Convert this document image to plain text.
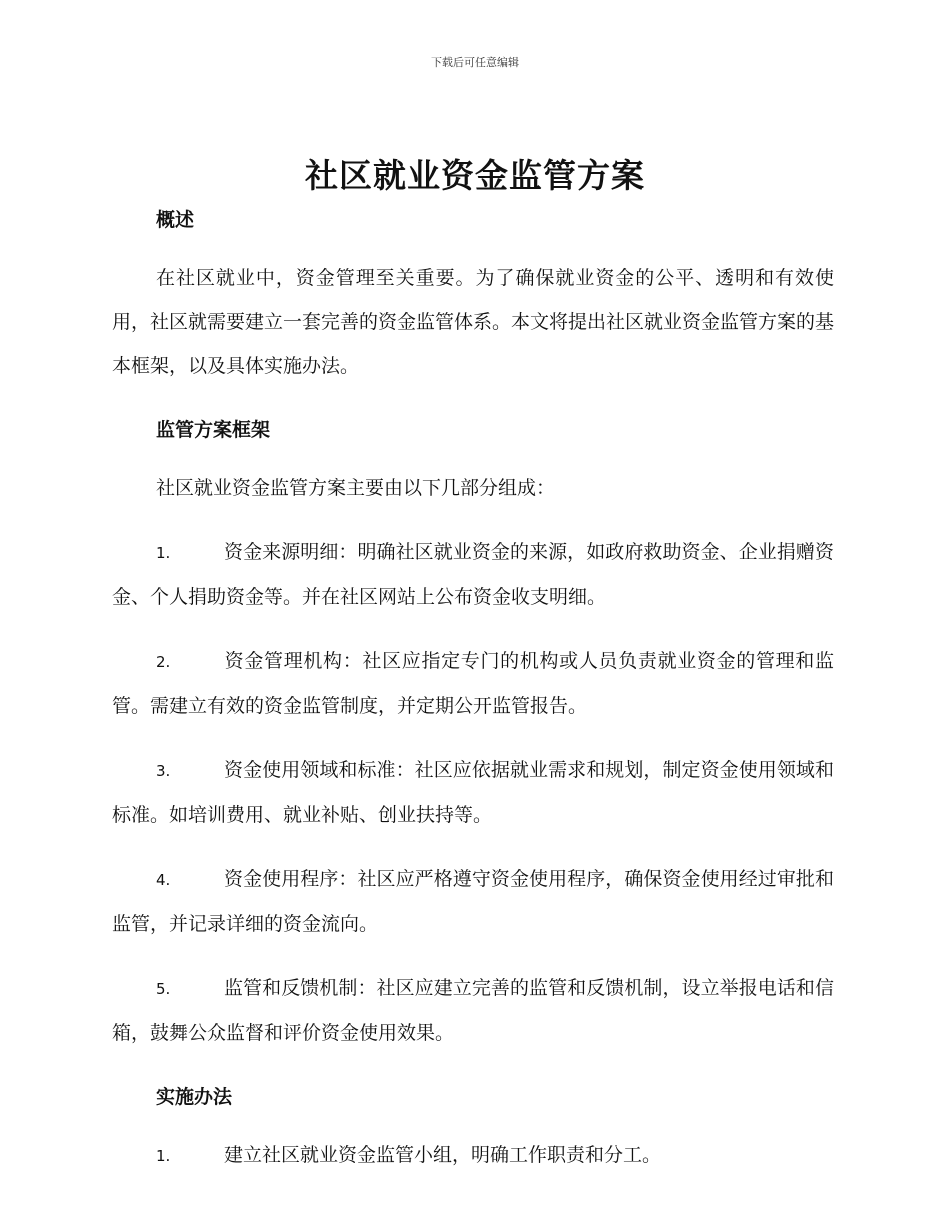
下载后可任意编辑
社区就业资金监管方案
概述

在社区就业中，资金管理至关重要。为了确保就业资金的公平、透明和有效使用，社区就需要建立一套完善的资金监管体系。本文将提出社区就业资金监管方案的基本框架，以及具体实施办法。

监管方案框架

社区就业资金监管方案主要由以下几部分组成：

1.	资金来源明细：明确社区就业资金的来源，如政府救助资金、企业捐赠资金、个人捐助资金等。并在社区网站上公布资金收支明细。

2.	资金管理机构：社区应指定专门的机构或人员负责就业资金的管理和监管。需建立有效的资金监管制度，并定期公开监管报告。

3.	资金使用领域和标准：社区应依据就业需求和规划，制定资金使用领域和标准。如培训费用、就业补贴、创业扶持等。

4.	资金使用程序：社区应严格遵守资金使用程序，确保资金使用经过审批和监管，并记录详细的资金流向。

5.	监管和反馈机制：社区应建立完善的监管和反馈机制，设立举报电话和信箱，鼓舞公众监督和评价资金使用效果。

实施办法

1.	建立社区就业资金监管小组，明确工作职责和分工。
